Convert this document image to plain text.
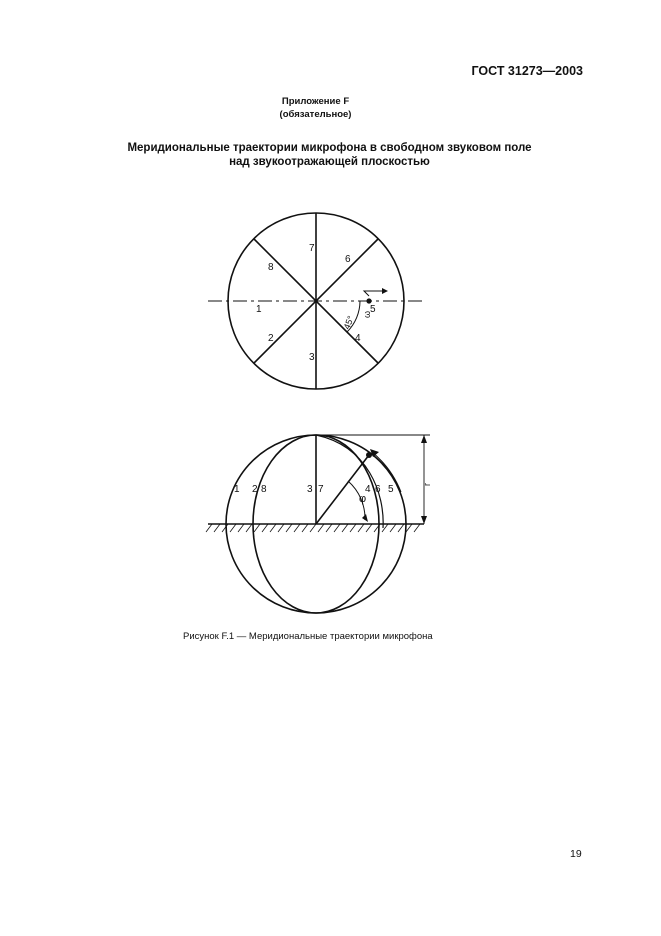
ГОСТ 31273—2003
Приложение F
(обязательное)
Меридиональные траектории микрофона в свободном звуковом поле
над звукоотражающей плоскостью
1
2
3
4
5
6
7
8
45° ω
1 2 8	3 7	4 6 5
φ
r
Рисунок F.1 — Меридиональные траектории микрофона
19
